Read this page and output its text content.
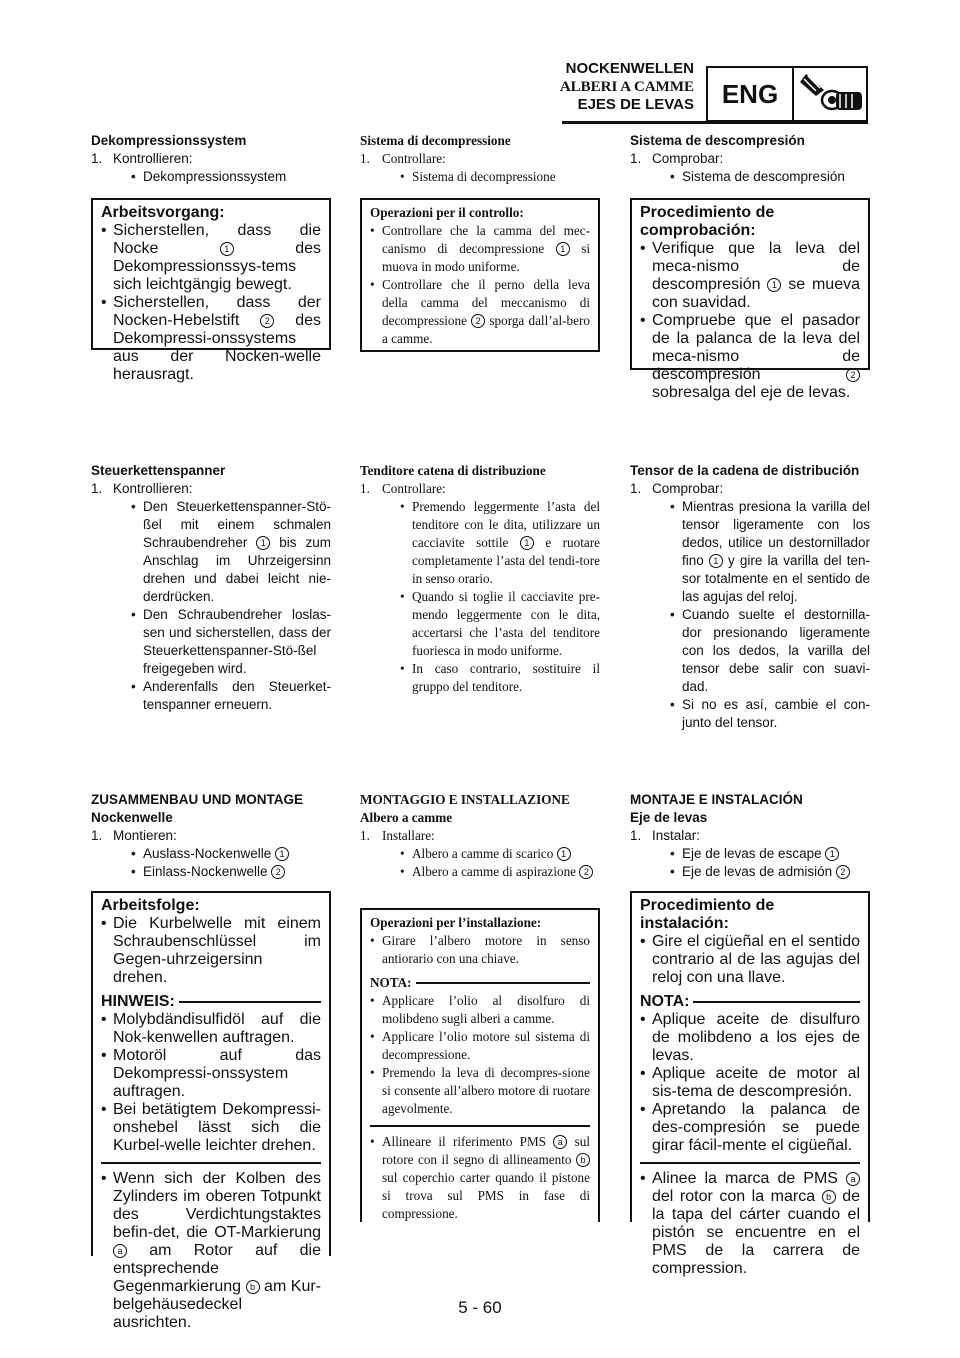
NOCKENWELLEN
ALBERI A CAMME
EJES DE LEVAS	ENG
Dekompressionssystem
1. Kontrollieren:
• Dekompressionssystem
Arbeitsvorgang:
• Sicherstellen, dass die Nocke 1 des Dekompressionssys-tems sich leichtgängig bewegt.
• Sicherstellen, dass der Nocken-Hebelstift 2 des Dekompressi-onssystems aus der Nocken-welle herausragt.
Steuerkettenspanner
1. Kontrollieren:
• Den Steuerkettenspanner-Stö-ßel mit einem schmalen Schraubendreher 1 bis zum Anschlag im Uhrzeigersinn drehen und dabei leicht nie-derdrücken.
• Den Schraubendreher loslas-sen und sicherstellen, dass der Steuerkettenspanner-Stö-ßel freigegeben wird.
• Anderenfalls den Steuerket-tenspanner erneuern.
ZUSAMMENBAU UND MONTAGE
Nockenwelle
1. Montieren:
• Auslass-Nockenwelle 1
• Einlass-Nockenwelle 2
Arbeitsfolge:
• Die Kurbelwelle mit einem Schraubenschlüssel im Gegen-uhrzeigersinn drehen.
HINWEIS:
• Molybdändisulfidöl auf die Nok-kenwellen auftragen.
• Motoröl auf das Dekompressi-onssystem auftragen.
• Bei betätigtem Dekompressi-onshebel lässt sich die Kurbel-welle leichter drehen.
• Wenn sich der Kolben des Zylinders im oberen Totpunkt des Verdichtungstaktes befin-det, die OT-Markierung a am Rotor auf die entsprechende Gegenmarkierung b am Kur-belgehäusedeckel ausrichten.
Sistema di decompressione
1. Controllare:
• Sistema di decompressione
Operazioni per il controllo:
• Controllare che la camma del mec-canismo di decompressione 1 si muova in modo uniforme.
• Controllare che il perno della leva della camma del meccanismo di decompressione 2 sporga dall’al-bero a camme.
Tenditore catena di distribuzione
1. Controllare:
• Premendo leggermente l’asta del tenditore con le dita, utilizzare un cacciavite sottile 1 e ruotare completamente l’asta del tendi-tore in senso orario.
• Quando si toglie il cacciavite pre-mendo leggermente con le dita, accertarsi che l’asta del tenditore fuoriesca in modo uniforme.
• In caso contrario, sostituire il gruppo del tenditore.
MONTAGGIO E INSTALLAZIONE
Albero a camme
1. Installare:
• Albero a camme di scarico 1
• Albero a camme di aspirazione 2
Operazioni per l’installazione:
• Girare l’albero motore in senso antiorario con una chiave.
NOTA:
• Applicare l’olio al disolfuro di molibdeno sugli alberi a camme.
• Applicare l’olio motore sul sistema di decompressione.
• Premendo la leva di decompres-sione si consente all’albero motore di ruotare agevolmente.
• Allineare il riferimento PMS a sul rotore con il segno di allineamento b sul coperchio carter quando il pistone si trova sul PMS in fase di compressione.
Sistema de descompresión
1. Comprobar:
• Sistema de descompresión
Procedimiento de comprobación:
• Verifique que la leva del meca-nismo de descompresión 1 se mueva con suavidad.
• Compruebe que el pasador de la palanca de la leva del meca-nismo de descompresión 2 sobresalga del eje de levas.
Tensor de la cadena de distribución
1. Comprobar:
• Mientras presiona la varilla del tensor ligeramente con los dedos, utilice un destornillador fino 1 y gire la varilla del ten-sor totalmente en el sentido de las agujas del reloj.
• Cuando suelte el destornilla-dor presionando ligeramente con los dedos, la varilla del tensor debe salir con suavi-dad.
• Si no es así, cambie el con-junto del tensor.
MONTAJE E INSTALACIÓN
Eje de levas
1. Instalar:
• Eje de levas de escape 1
• Eje de levas de admisión 2
Procedimiento de instalación:
• Gire el cigüeñal en el sentido contrario al de las agujas del reloj con una llave.
NOTA:
• Aplique aceite de disulfuro de molibdeno a los ejes de levas.
• Aplique aceite de motor al sis-tema de descompresión.
• Apretando la palanca de des-compresión se puede girar fácil-mente el cigüeñal.
• Alinee la marca de PMS a del rotor con la marca b de la tapa del cárter cuando el pistón se encuentre en el PMS de la carrera de compression.
5 - 60
